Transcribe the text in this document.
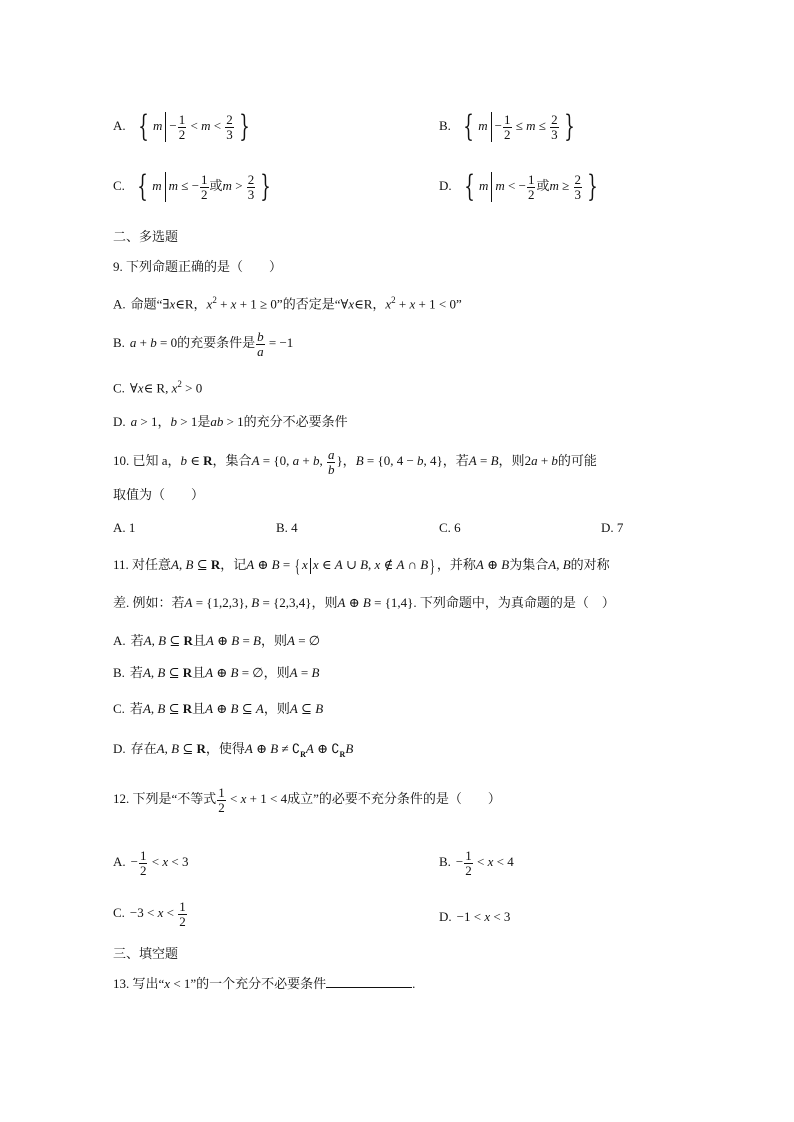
A. { $m - \frac{1}{2} < m < \frac{2}{3}$ }	B. { $m - \frac{1}{2} \le m \le \frac{2}{3}$ }
C. { m m ≤ − $\frac{1}{2}$ 或$m > \frac{2}{3}$ }	D. { m m < − $\frac{1}{2}$ 或$m \ge \frac{2}{3}$ }
二、多选题
9. 下列命题正确的是（　　）
A. 命题“∃x∈R，$x^2 + x + 1 \ge 0$”的否定是“∀x∈R，$x^2 + x + 1 < 0$”
B. a + b = 0的充要条件是 $\frac{b}{a} = -1$
C. ∀x∈ R, $x^2 > 0$
D. a > 1，b > 1是ab > 1的充分不必要条件
10. 已知 a，b ∈ R，集合A = {0, a + b, $\frac{a}{b}$ }，B = {0, 4 − b, 4}，若A = B，则2a + b的可能
取值为（　　）
A. 1	B. 4	C. 6	D. 7
11. 对任意A, B ⊆ R，记A ⊕ B = { x x ∈ A ∪ B, x ∉ A ∩ B} ，并称A ⊕ B为集合A, B的对称
差. 例如：若A = {1,2,3}, B = {2,3,4}，则A ⊕ B = {1,4}. 下列命题中，为真命题的是（　）
A. 若A, B ⊆ R且A ⊕ B = B，则A = ∅
B. 若A, B ⊆ R且A ⊕ B = ∅，则A = B
C. 若A, B ⊆ R且A ⊕ B ⊆ A，则A ⊆ B
D. 存在A, B ⊆ R，使得A ⊕ $B \ne ∁_RA$ ⊕ $∁_RB$
12. 下列是“不等式 $\frac{1}{2} < x + 1 < 4$成立”的必要不充分条件的是（　　）
A. − $\frac{1}{2} < x < 3$	B. − $\frac{1}{2} < x < 4$
C. $-3 < x < \frac{1}{2}$	D. −1 < x < 3
三、填空题
13. 写出“x < 1”的一个充分不必要条件	.
